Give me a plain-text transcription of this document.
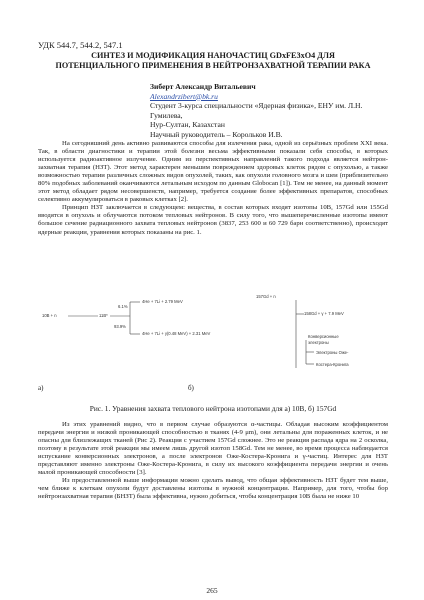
УДК 544.7, 544.2, 547.1
СИНТЕЗ И МОДИФИКАЦИЯ НАНОЧАСТИЦ GDxFE3xO4 ДЛЯ
ПОТЕНЦИАЛЬНОГО ПРИМЕНЕНИЯ В НЕЙТРОНЗАХВАТНОЙ ТЕРАПИИ РАКА
Зиберт Александр Витальевич
Alexandrzibert@bk.ru
Студент 3-курса специальности «Ядерная физика», ЕНУ им. Л.Н. Гумилева,
Нур-Султан, Казахстан
Научный руководитель – Корольков И.В.

На сегодняшний день активно развиваются способы для излечения рака, одной из серьёзных проблем XXI века. Так, в области диагностики и терапии этой болезни весьма эффективными показали себя способы, в которых используется радиоактивное излучение. Одним из перспективных направлений такого подхода является нейтрон-захватная терапия (НЗТ). Этот метод характерен меньшим повреждением здоровых клеток рядом с опухолью, а также возможностью терапии различных сложных видов опухолей, таких, как опухоли головного мозга и шеи (приблизительно 80% подобных заболеваний оканчиваются летальным исходом по данным Globocan [1]). Тем не менее, на данный момент этот метод обладает рядом несовершенств, например, требуется создание более эффективных препаратов, способных селективно аккумулироваться в раковых клетках [2].

Принцип НЗТ заключается в следующем: вещества, в состав которых входят изотопы 10B, 157Gd или 155Gd вводятся в опухоль и облучаются потоком тепловых нейтронов. В силу того, что вышеперечисленные изотопы имеют большое сечение радиационного захвата тепловых нейтронов (3837, 253 600 и 60 729 барн соответственно), происходят ядерные реакции, уравнения которых показаны на рис. 1.

10B + n	11B*
4He + 7Li + 2.79 MeV
4He + 7Li + γ(0.48 MeV) + 2.31 MeV
6.1%
93.9%
157Gd + n
158Gd + γ + 7.9 MeV
Конверсионные
электроны
Электроны Оже-
Костера-Кронига
а)	б)
Рис. 1. Уравнения захвата теплового нейтрона изотопами для а) 10B, б) 157Gd

Из этих уравнений видно, что в первом случае образуются α-частицы. Обладая высоким коэффициентом передачи энергии и низкой проникающей способностью в тканях (4-9 μm), они летальны для пораженных клеток, и не опасны для близлежащих тканей (Рис 2). Реакция с участием 157Gd сложнее. Это не реакция распада ядра на 2 осколка, поэтому в результате этой реакции мы имеем лишь другой изотоп 158Gd. Тем не менее, во время процесса наблюдается испускание конверсионных электронов, а после электронов Оже-Костера-Кронига и γ-частиц. Интерес для НЗТ представляют именно электроны Оже-Костера-Кронига, в силу их высокого коэффициента передачи энергии и очень малой проникающей способности [3].

Из предоставленной выше информации можно сделать вывод, что общая эффективность НЗТ будет тем выше, чем ближе к клеткам опухоли будут доставлены изотопы в нужной концентрации. Например, для того, чтобы бор нейтронзахватная терапия (БНЗТ) была эффективна, нужно добиться, чтобы концентрация 10B была не ниже 10

265
